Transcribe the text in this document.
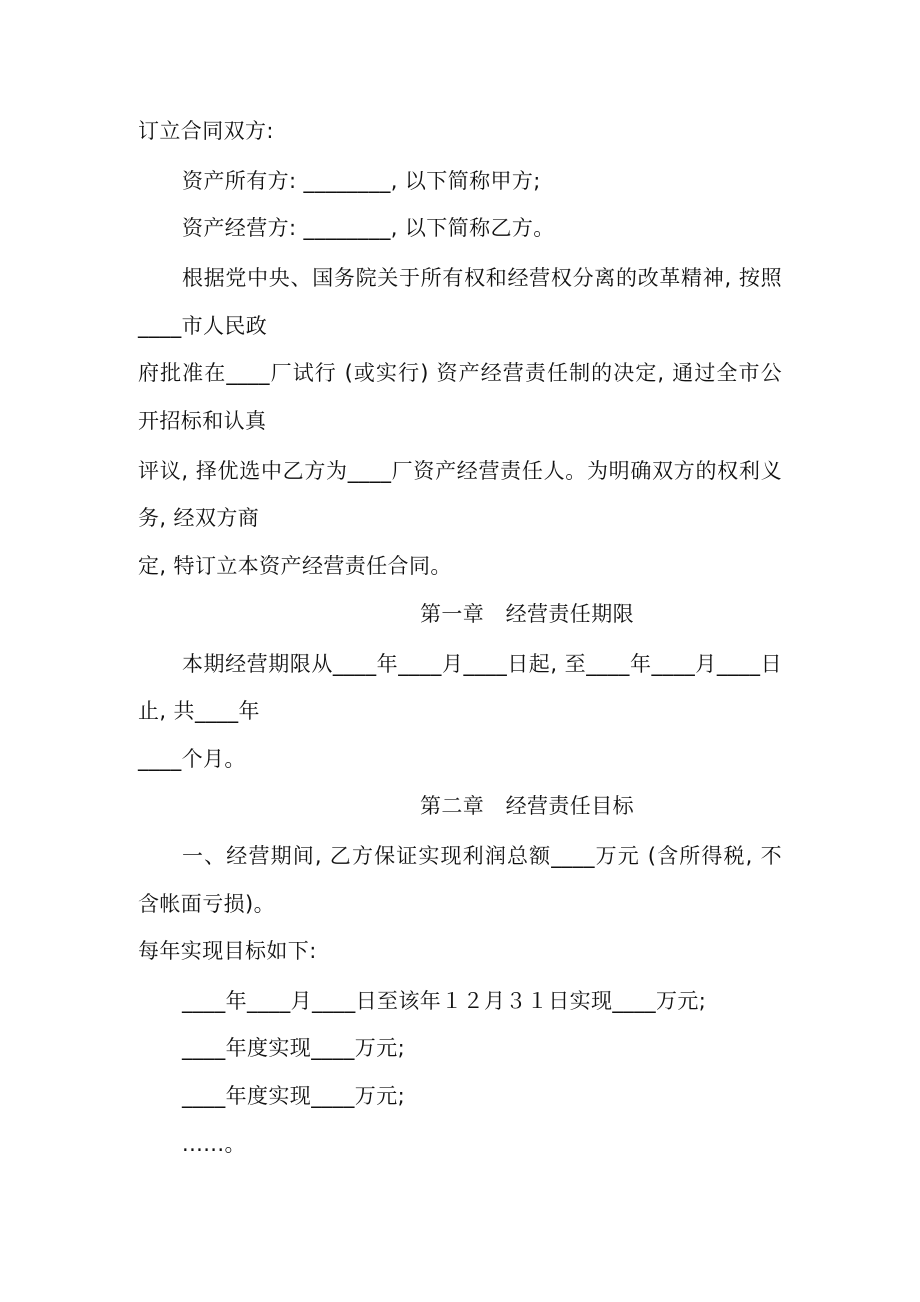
订立合同双方:
资产所有方: ________, 以下简称甲方;
资产经营方: ________, 以下简称乙方。
根据党中央、国务院关于所有权和经营权分离的改革精神, 按照
____市人民政
府批准在____厂试行 (或实行) 资产经营责任制的决定, 通过全市公
开招标和认真
评议, 择优选中乙方为____厂资产经营责任人。为明确双方的权利义
务, 经双方商
定, 特订立本资产经营责任合同。
第一章　经营责任期限
本期经营期限从____年____月____日起, 至____年____月____日
止, 共____年
____个月。
第二章　经营责任目标
一、经营期间, 乙方保证实现利润总额____万元 (含所得税, 不
含帐面亏损)。
每年实现目标如下:
____年____月____日至该年１２月３１日实现____万元;
____年度实现____万元;
____年度实现____万元;
......。
